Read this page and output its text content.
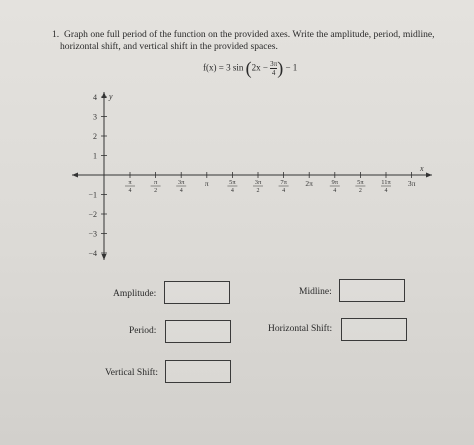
1. Graph one full period of the function on the provided axes. Write the amplitude, period, midline, horizontal shift, and vertical shift in the provided spaces.
f(x) = 3 $\sin (2x - \frac{3\pi}{4}$ ) − 1
4
3
2
1
−1
−2
−3
−4
π
4
π
2
3π
4
π	5π
4
3π
2
7π
4
2π	9π
4
5π
2
11π
4
3π
y
x
Amplitude:	Midline:
Period:	Horizontal Shift:
Vertical Shift:
